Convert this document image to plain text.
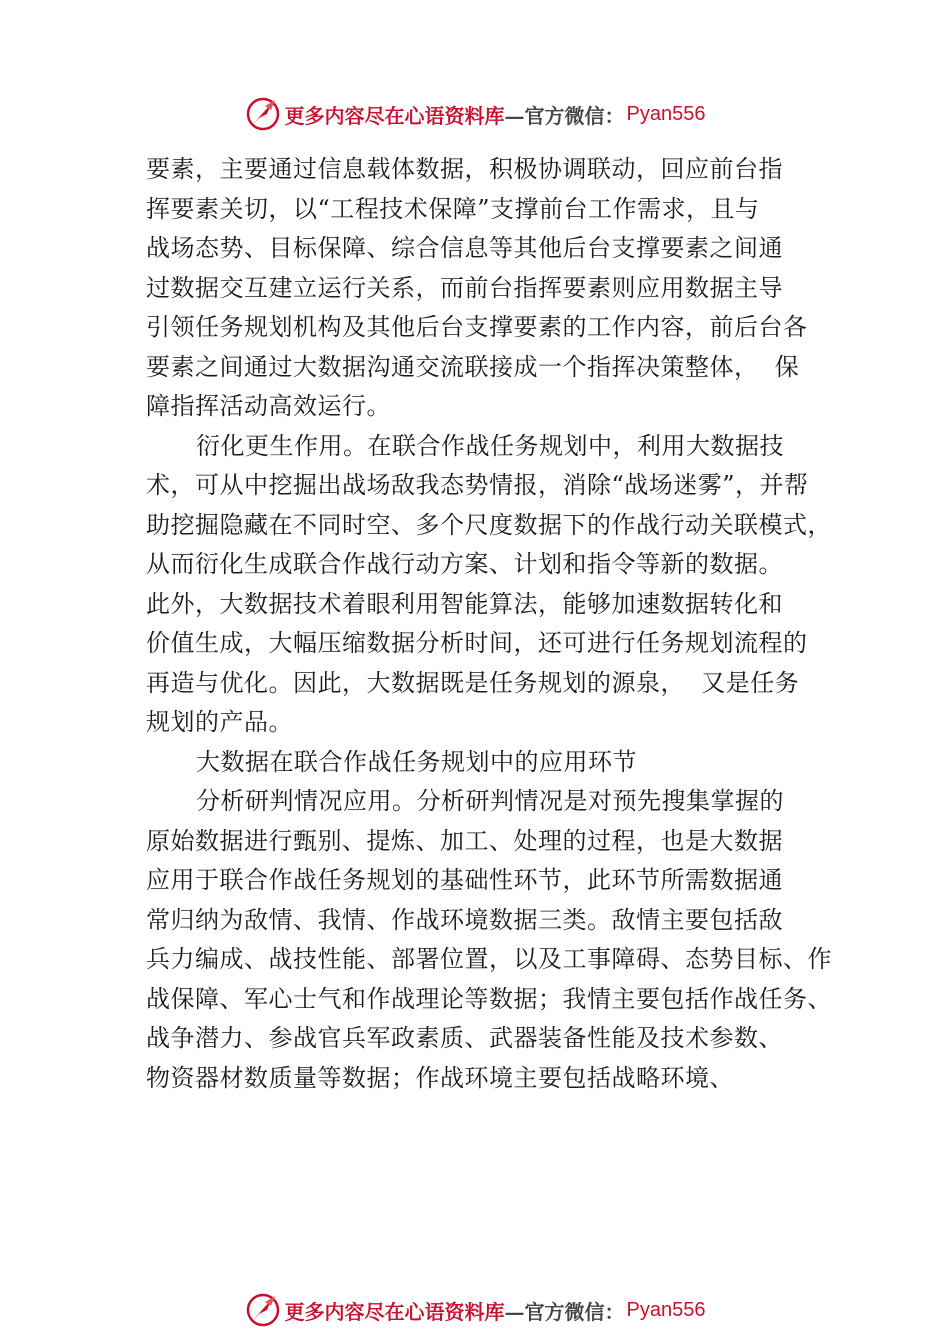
更多内容尽在心语资料库 —官方微信： Pyan556
要素，主要通过信息载体数据，积极协调联动，回应前台指
挥要素关切，以“工程技术保障”支撑前台工作需求，且与
战场态势、目标保障、综合信息等其他后台支撑要素之间通
过数据交互建立运行关系，而前台指挥要素则应用数据主导
引领任务规划机构及其他后台支撑要素的工作内容，前后台各
要素之间通过大数据沟通交流联接成一个指挥决策整体，  保
障指挥活动高效运行。
衍化更生作用。在联合作战任务规划中，利用大数据技
术，可从中挖掘出战场敌我态势情报，消除“战场迷雾”，并帮
助挖掘隐藏在不同时空、多个尺度数据下的作战行动关联模式，
从而衍化生成联合作战行动方案、计划和指令等新的数据。
此外，大数据技术着眼利用智能算法，能够加速数据转化和
价值生成，大幅压缩数据分析时间，还可进行任务规划流程的
再造与优化。因此，大数据既是任务规划的源泉，  又是任务
规划的产品。
大数据在联合作战任务规划中的应用环节
分析研判情况应用。分析研判情况是对预先搜集掌握的
原始数据进行甄别、提炼、加工、处理的过程，也是大数据
应用于联合作战任务规划的基础性环节，此环节所需数据通
常归纳为敌情、我情、作战环境数据三类。敌情主要包括敌
兵力编成、战技性能、部署位置，以及工事障碍、态势目标、作
战保障、军心士气和作战理论等数据；我情主要包括作战任务、
战争潜力、参战官兵军政素质、武器装备性能及技术参数、
物资器材数质量等数据；作战环境主要包括战略环境、
更多内容尽在心语资料库 —官方微信： Pyan556
